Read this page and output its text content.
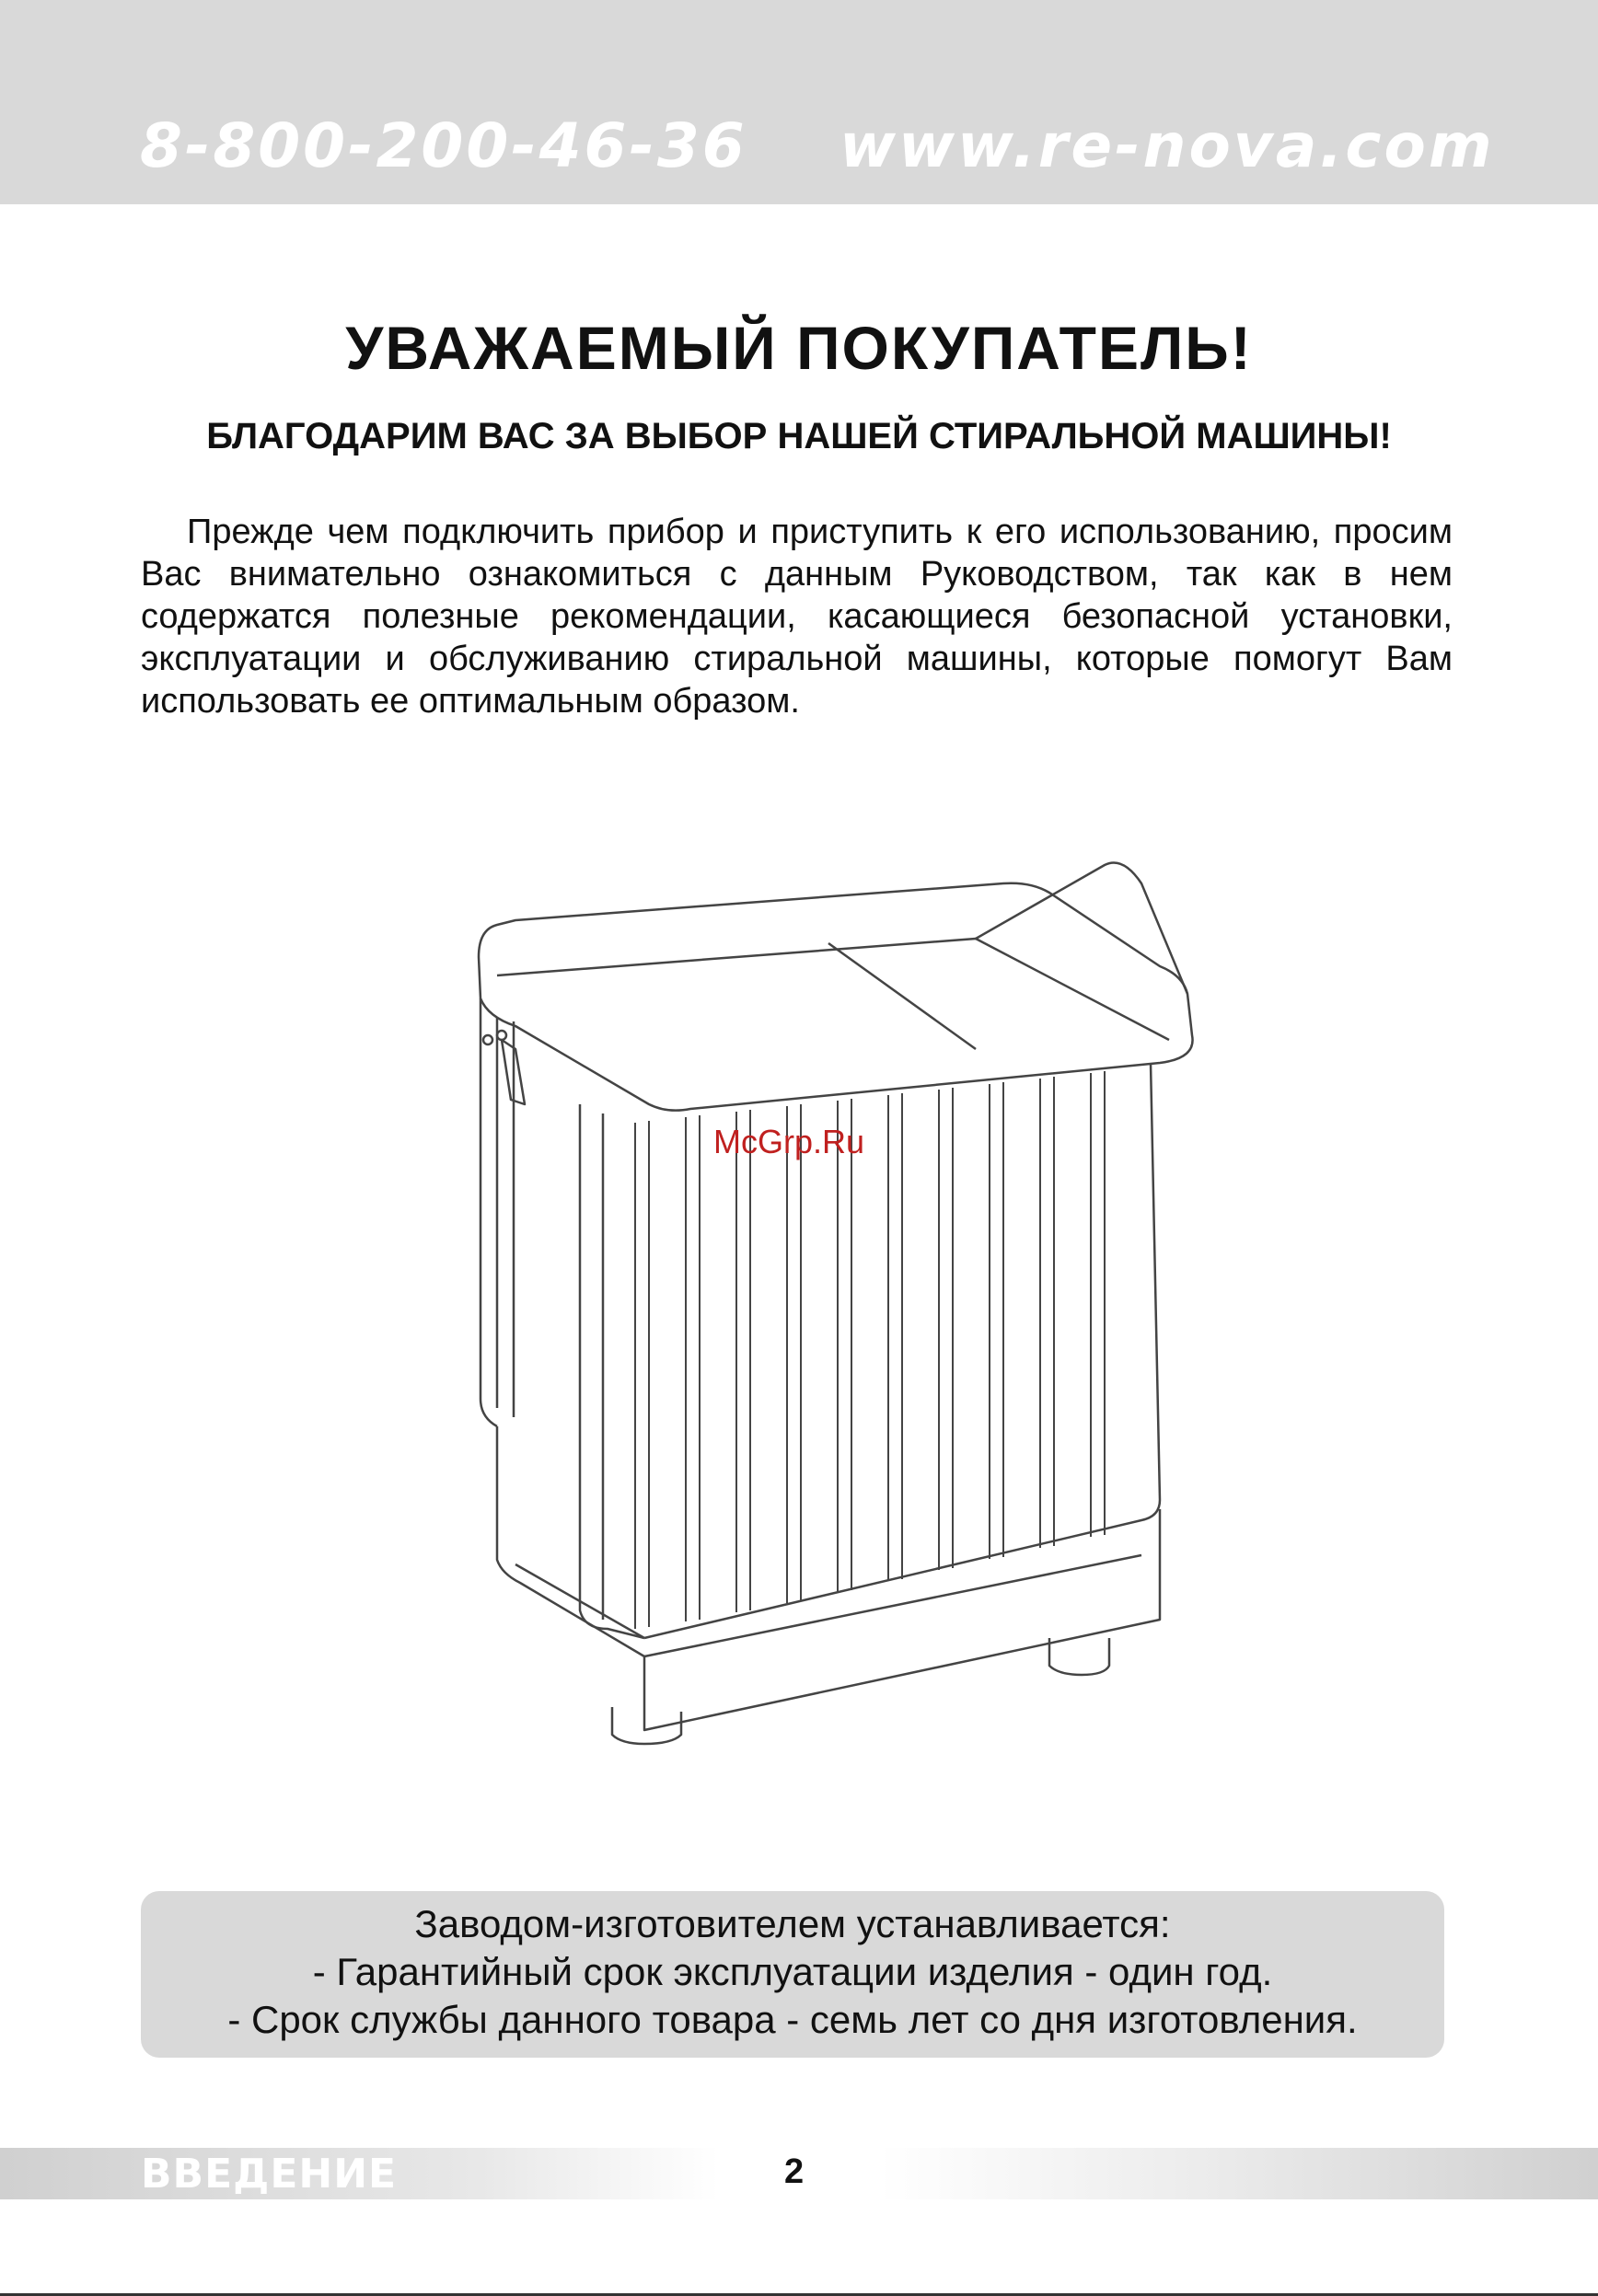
8-800-200-46-36 www.re-nova.com
УВАЖАЕМЫЙ ПОКУПАТЕЛЬ!
БЛАГОДАРИМ ВАС ЗА ВЫБОР НАШЕЙ СТИРАЛЬНОЙ МАШИНЫ!

Прежде чем подключить прибор и приступить к его использованию, просим Вас внимательно ознакомиться с данным Руководством, так как в нем содержатся полезные рекомендации, касающиеся безопасной установки, эксплуатации и обслуживанию стиральной машины, которые помогут Вам использовать ее оптимальным образом.

McGrp.Ru
Заводом-изготовителем устанавливается:
- Гарантийный срок эксплуатации изделия - один год.
- Срок службы данного товара - семь лет со дня изготовления.
ВВЕДЕНИЕ	2
